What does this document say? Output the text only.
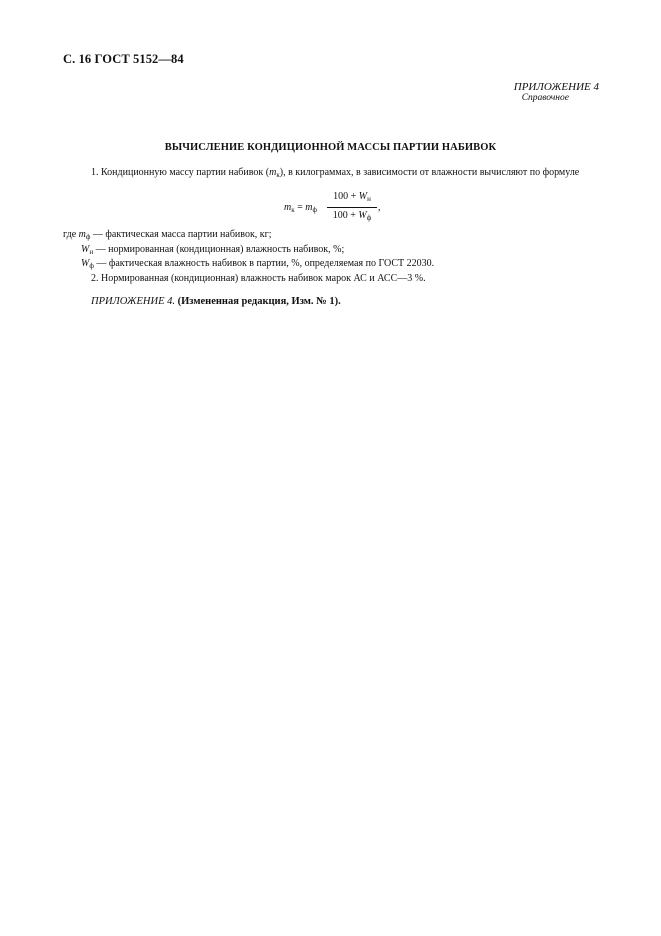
С. 16 ГОСТ 5152—84
ПРИЛОЖЕНИЕ 4
Справочное
ВЫЧИСЛЕНИЕ КОНДИЦИОННОЙ МАССЫ ПАРТИИ НАБИВОК
1. Кондиционную массу партии набивок $(m_к)$, в килограммах, в зависимости от влажности вычисляют по формуле
$m_к = m_ф$
$100 + W_н$
$100 + W_ф$
,
где $m_ф$ — фактическая масса партии набивок, кг;
$W_н$ — нормированная (кондиционная) влажность набивок, %;
$W_ф$ — фактическая влажность набивок в партии, %, определяемая по ГОСТ 22030.
2. Нормированная (кондиционная) влажность набивок марок АС и АСС—3 %.
ПРИЛОЖЕНИЕ 4. (Измененная редакция, Изм. № 1).
